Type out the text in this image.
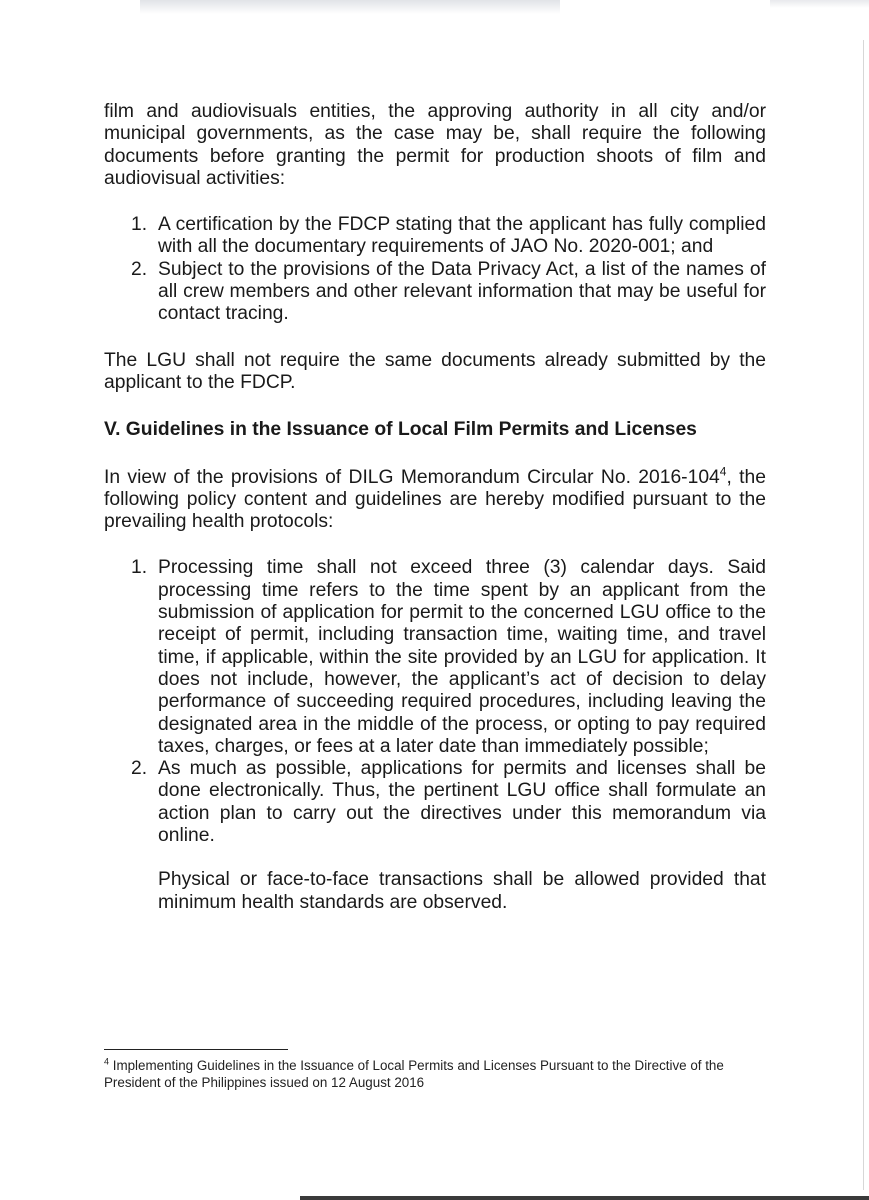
film and audiovisuals entities, the approving authority in all city and/or municipal governments, as the case may be, shall require the following documents before granting the permit for production shoots of film and audiovisual activities:

1. A certification by the FDCP stating that the applicant has fully complied with all the documentary requirements of JAO No. 2020-001; and
2. Subject to the provisions of the Data Privacy Act, a list of the names of all crew members and other relevant information that may be useful for contact tracing.

The LGU shall not require the same documents already submitted by the applicant to the FDCP.

V. Guidelines in the Issuance of Local Film Permits and Licenses

In view of the provisions of DILG Memorandum Circular No. $2016-104^4$, the following policy content and guidelines are hereby modified pursuant to the prevailing health protocols:

1. Processing time shall not exceed three (3) calendar days. Said processing time refers to the time spent by an applicant from the submission of application for permit to the concerned LGU office to the receipt of permit, including transaction time, waiting time, and travel time, if applicable, within the site provided by an LGU for application. It does not include, however, the applicant’s act of decision to delay performance of succeeding required procedures, including leaving the designated area in the middle of the process, or opting to pay required taxes, charges, or fees at a later date than immediately possible;
2. As much as possible, applications for permits and licenses shall be done electronically. Thus, the pertinent LGU office shall formulate an action plan to carry out the directives under this memorandum via online.

Physical or face-to-face transactions shall be allowed provided that minimum health standards are observed.

$^4$ Implementing Guidelines in the Issuance of Local Permits and Licenses Pursuant to the Directive of the President of the Philippines issued on 12 August 2016
